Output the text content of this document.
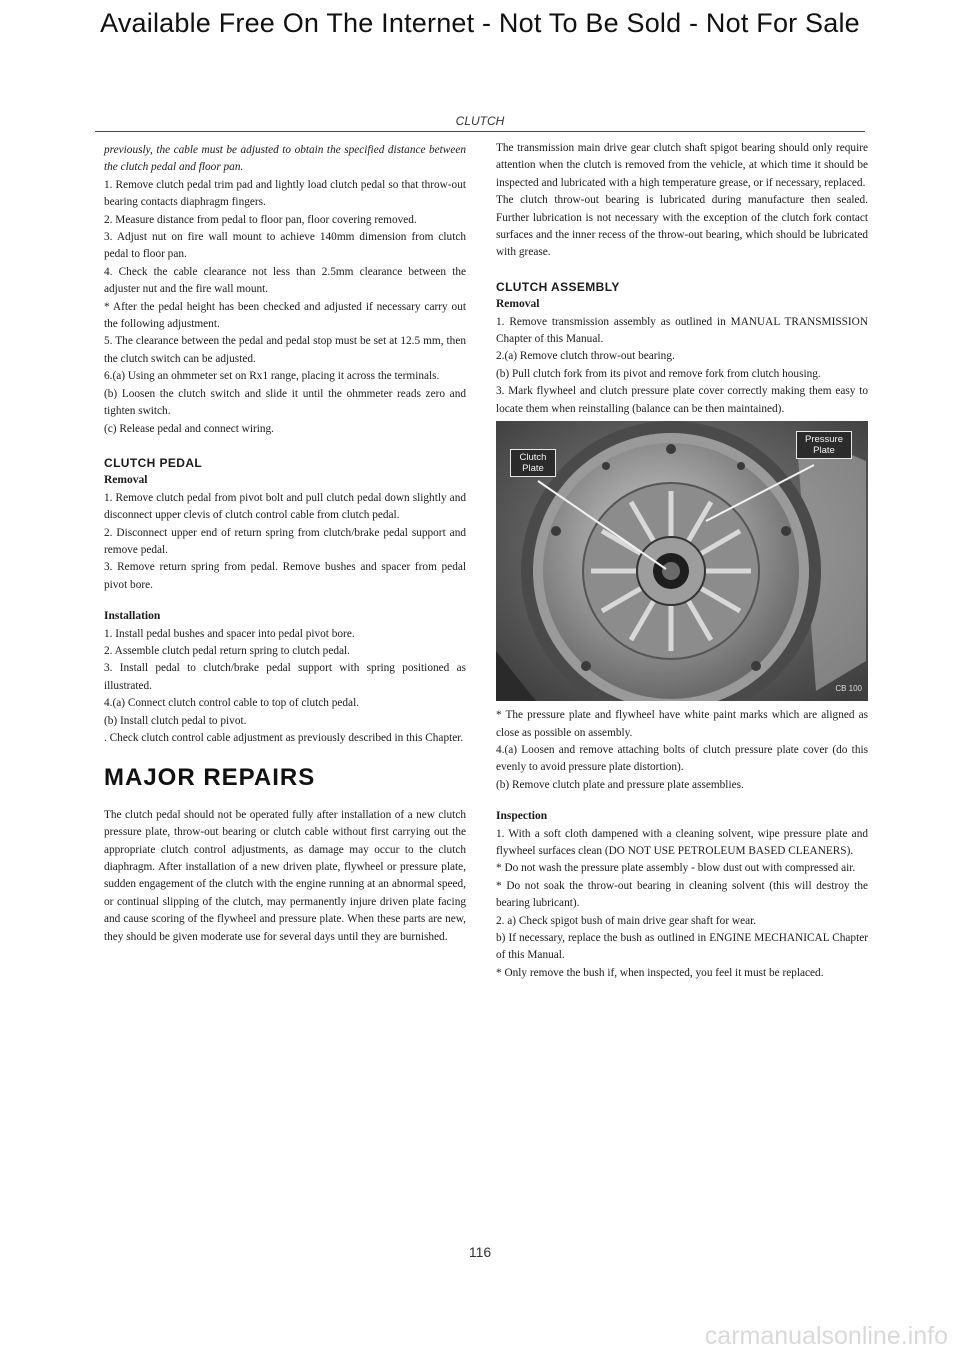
Available Free On The Internet - Not To Be Sold - Not For Sale
CLUTCH

previously, the cable must be adjusted to obtain the specified distance between the clutch pedal and floor pan.

1. Remove clutch pedal trim pad and lightly load clutch pedal so that throw-out bearing contacts diaphragm fingers.

2. Measure distance from pedal to floor pan, floor covering removed.

3. Adjust nut on fire wall mount to achieve 140mm dimension from clutch pedal to floor pan.

4. Check the cable clearance not less than 2.5mm clearance between the adjuster nut and the fire wall mount.

* After the pedal height has been checked and adjusted if necessary carry out the following adjustment.

5. The clearance between the pedal and pedal stop must be set at 12.5 mm, then the clutch switch can be adjusted.

6.(a) Using an ohmmeter set on Rx1 range, placing it across the terminals.

(b) Loosen the clutch switch and slide it until the ohmmeter reads zero and tighten switch.

(c) Release pedal and connect wiring.

CLUTCH PEDAL

Removal

1. Remove clutch pedal from pivot bolt and pull clutch pedal down slightly and disconnect upper clevis of clutch control cable from clutch pedal.

2. Disconnect upper end of return spring from clutch/brake pedal support and remove pedal.

3. Remove return spring from pedal. Remove bushes and spacer from pedal pivot bore.

Installation

1. Install pedal bushes and spacer into pedal pivot bore.

2. Assemble clutch pedal return spring to clutch pedal.

3. Install pedal to clutch/brake pedal support with spring positioned as illustrated.

4.(a) Connect clutch control cable to top of clutch pedal.

(b) Install clutch pedal to pivot.

. Check clutch control cable adjustment as previously described in this Chapter.

MAJOR REPAIRS

The clutch pedal should not be operated fully after installation of a new clutch pressure plate, throw-out bearing or clutch cable without first carrying out the appropriate clutch control adjustments, as damage may occur to the clutch diaphragm. After installation of a new driven plate, flywheel or pressure plate, sudden engagement of the clutch with the engine running at an abnormal speed, or continual slipping of the clutch, may permanently injure driven plate facing and cause scoring of the flywheel and pressure plate. When these parts are new, they should be given moderate use for several days until they are burnished.

The transmission main drive gear clutch shaft spigot bearing should only require attention when the clutch is removed from the vehicle, at which time it should be inspected and lubricated with a high temperature grease, or if necessary, replaced.

The clutch throw-out bearing is lubricated during manufacture then sealed. Further lubrication is not necessary with the exception of the clutch fork contact surfaces and the inner recess of the throw-out bearing, which should be lubricated with grease.

CLUTCH ASSEMBLY

Removal

1. Remove transmission assembly as outlined in MANUAL TRANSMISSION Chapter of this Manual.

2.(a) Remove clutch throw-out bearing.

(b) Pull clutch fork from its pivot and remove fork from clutch housing.

3. Mark flywheel and clutch pressure plate cover correctly making them easy to locate them when reinstalling (balance can be then maintained).

Clutch Plate
Pressure Plate
CB 100

* The pressure plate and flywheel have white paint marks which are aligned as close as possible on assembly.

4.(a) Loosen and remove attaching bolts of clutch pressure plate cover (do this evenly to avoid pressure plate distortion).

(b) Remove clutch plate and pressure plate assemblies.

Inspection

1. With a soft cloth dampened with a cleaning solvent, wipe pressure plate and flywheel surfaces clean (DO NOT USE PETROLEUM BASED CLEANERS).

* Do not wash the pressure plate assembly - blow dust out with compressed air.

* Do not soak the throw-out bearing in cleaning solvent (this will destroy the bearing lubricant).

2. a) Check spigot bush of main drive gear shaft for wear.

b) If necessary, replace the bush as outlined in ENGINE MECHANICAL Chapter of this Manual.

* Only remove the bush if, when inspected, you feel it must be replaced.

116
carmanualsonline.info
